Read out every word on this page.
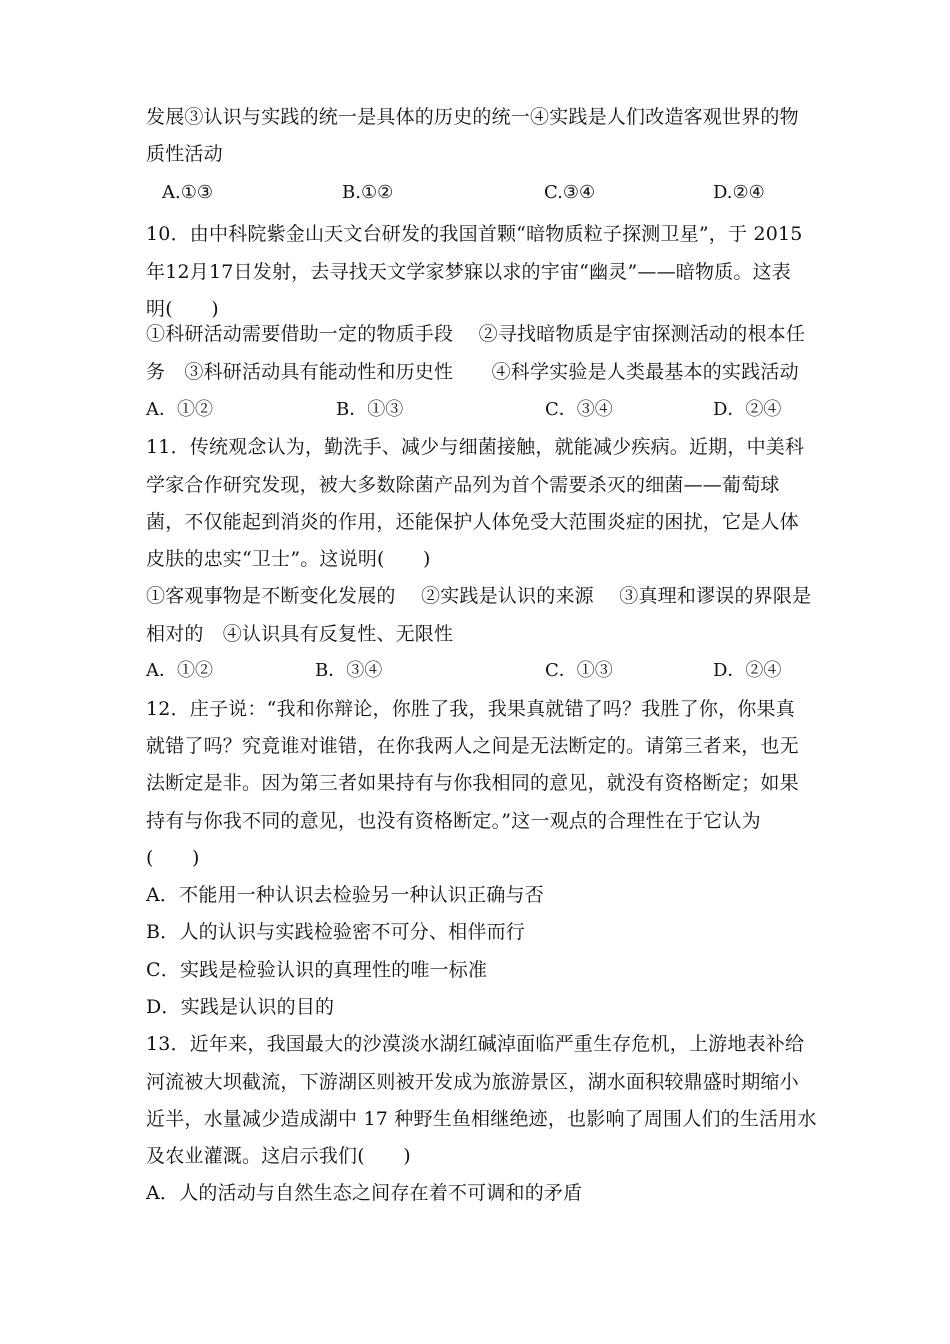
发展③认识与实践的统一是具体的历史的统一④实践是人们改造客观世界的物
质性活动
A.①③	B.①②	C.③④	D.②④
10．由中科院紫金山天文台研发的我国首颗“暗物质粒子探测卫星”，于 2015
年12月17日发射，去寻找天文学家梦寐以求的宇宙“幽灵”——暗物质。这表
明(　　)
①科研活动需要借助一定的物质手段　 ②寻找暗物质是宇宙探测活动的根本任
务　③科研活动具有能动性和历史性　　④科学实验是人类最基本的实践活动
A．①②	B．①③	C．③④	D．②④
11．传统观念认为，勤洗手、减少与细菌接触，就能减少疾病。近期，中美科
学家合作研究发现，被大多数除菌产品列为首个需要杀灭的细菌——葡萄球
菌，不仅能起到消炎的作用，还能保护人体免受大范围炎症的困扰，它是人体
皮肤的忠实“卫士”。这说明(　　)
①客观事物是不断变化发展的　 ②实践是认识的来源　 ③真理和谬误的界限是
相对的　④认识具有反复性、无限性
A．①②	B．③④	C．①③	D．②④
12．庄子说：“我和你辩论，你胜了我，我果真就错了吗？我胜了你，你果真
就错了吗？究竟谁对谁错，在你我两人之间是无法断定的。请第三者来，也无
法断定是非。因为第三者如果持有与你我相同的意见，就没有资格断定；如果
持有与你我不同的意见，也没有资格断定。”这一观点的合理性在于它认为
(　　)
A．不能用一种认识去检验另一种认识正确与否
B．人的认识与实践检验密不可分、相伴而行
C．实践是检验认识的真理性的唯一标准
D．实践是认识的目的
13．近年来，我国最大的沙漠淡水湖红碱淖面临严重生存危机，上游地表补给
河流被大坝截流，下游湖区则被开发成为旅游景区，湖水面积较鼎盛时期缩小
近半，水量减少造成湖中 17 种野生鱼相继绝迹，也影响了周围人们的生活用水
及农业灌溉。这启示我们(　　)
A．人的活动与自然生态之间存在着不可调和的矛盾
